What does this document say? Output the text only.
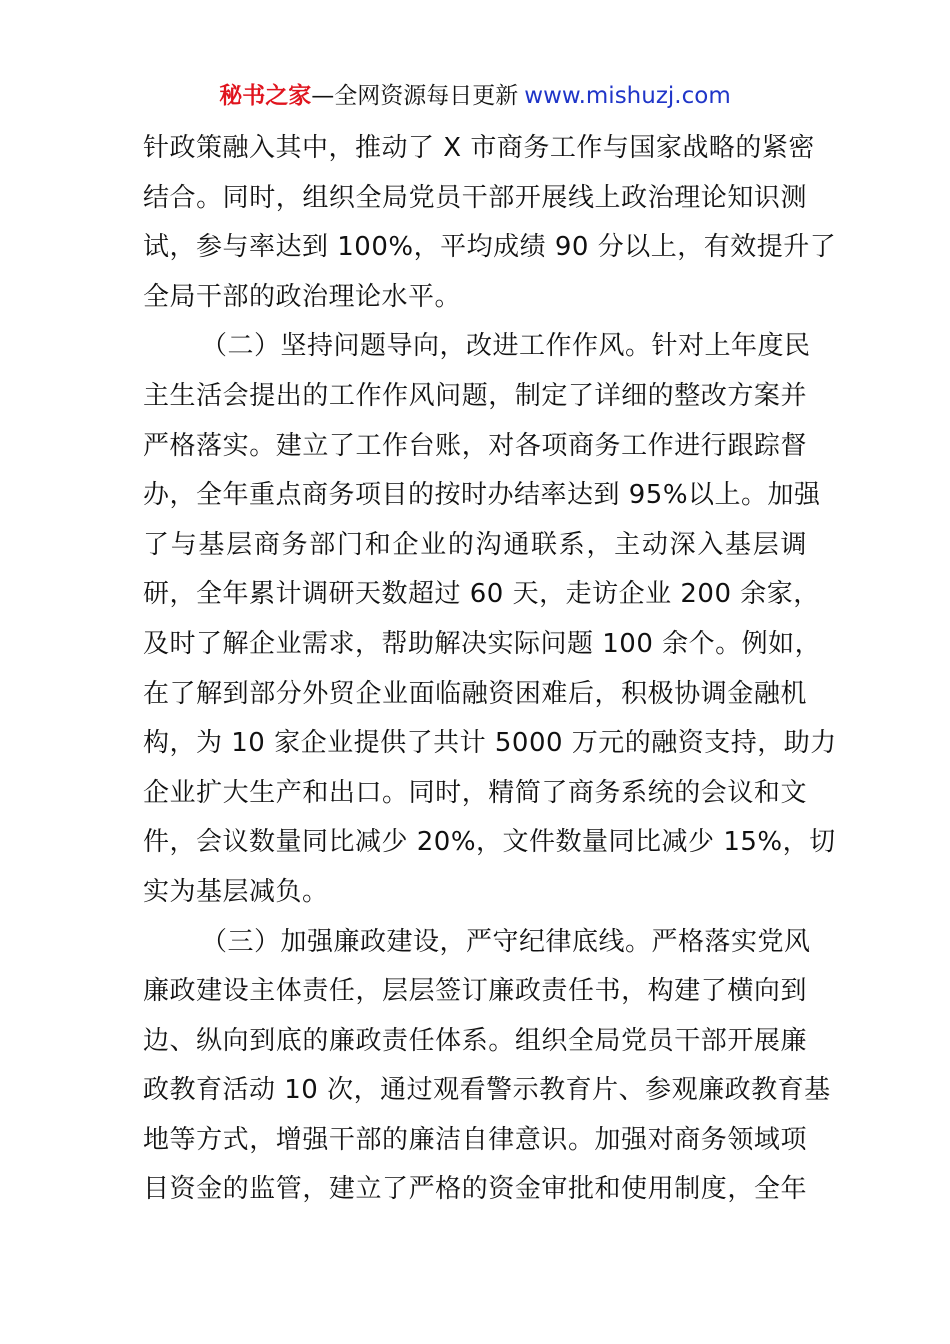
秘书之家—全网资源每日更新 www.mishuzj.com
针政策融入其中，推动了 X 市商务工作与国家战略的紧密
结合。同时，组织全局党员干部开展线上政治理论知识测
试，参与率达到 100%，平均成绩 90 分以上，有效提升了
全局干部的政治理论水平。
（二）坚持问题导向，改进工作作风。针对上年度民
主生活会提出的工作作风问题，制定了详细的整改方案并
严格落实。建立了工作台账，对各项商务工作进行跟踪督
办，全年重点商务项目的按时办结率达到 95%以上。加强
了与基层商务部门和企业的沟通联系，主动深入基层调
研，全年累计调研天数超过 60 天，走访企业 200 余家，
及时了解企业需求，帮助解决实际问题 100 余个。例如，
在了解到部分外贸企业面临融资困难后，积极协调金融机
构，为 10 家企业提供了共计 5000 万元的融资支持，助力
企业扩大生产和出口。同时，精简了商务系统的会议和文
件，会议数量同比减少 20%，文件数量同比减少 15%，切
实为基层减负。
（三）加强廉政建设，严守纪律底线。严格落实党风
廉政建设主体责任，层层签订廉政责任书，构建了横向到
边、纵向到底的廉政责任体系。组织全局党员干部开展廉
政教育活动 10 次，通过观看警示教育片、参观廉政教育基
地等方式，增强干部的廉洁自律意识。加强对商务领域项
目资金的监管，建立了严格的资金审批和使用制度，全年
